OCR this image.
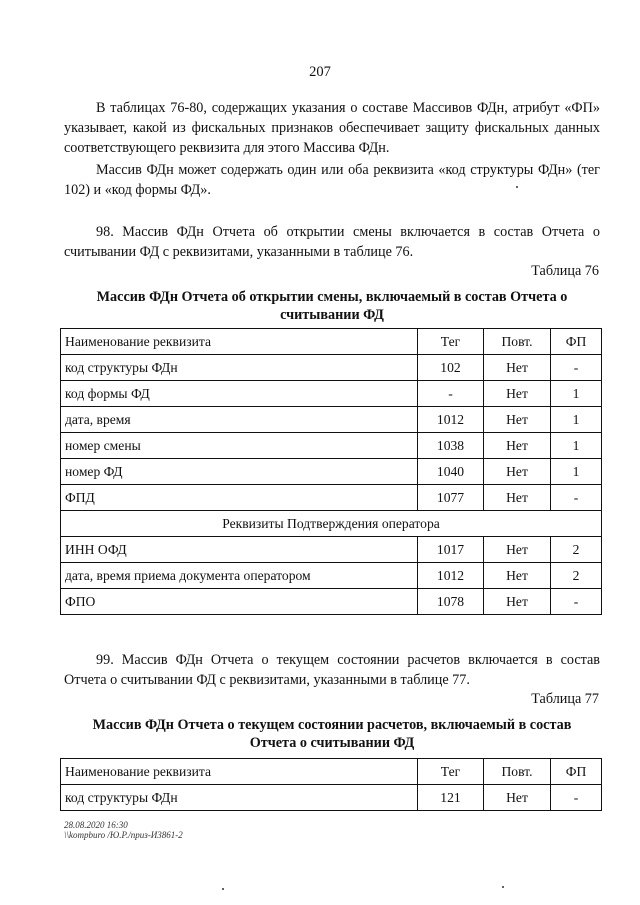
207
В таблицах 76-80, содержащих указания о составе Массивов ФДн, атрибут «ФП» указывает, какой из фискальных признаков обеспечивает защиту фискальных данных соответствующего реквизита для этого Массива ФДн.
Массив ФДн может содержать один или оба реквизита «код структуры ФДн» (тег 102) и «код формы ФД».
98. Массив ФДн Отчета об открытии смены включается в состав Отчета о считывании ФД с реквизитами, указанными в таблице 76.
Таблица 76
Массив ФДн Отчета об открытии смены, включаемый в состав Отчета о
считывании ФД
Наименование реквизита	Тег	Повт.	ФП
код структуры ФДн	102	Нет	-
код формы ФД	-	Нет	1
дата, время	1012	Нет	1
номер смены	1038	Нет	1
номер ФД	1040	Нет	1
ФПД	1077	Нет	-
Реквизиты Подтверждения оператора			
ИНН ОФД	1017	Нет	2
дата, время приема документа оператором	1012	Нет	2
ФПО	1078	Нет	-
99. Массив ФДн Отчета о текущем состоянии расчетов включается в состав Отчета о считывании ФД с реквизитами, указанными в таблице 77.
Таблица 77
Массив ФДн Отчета о текущем состоянии расчетов, включаемый в состав
Отчета о считывании ФД
Наименование реквизита	Тег	Повт.	ФП
код структуры ФДн	121	Нет	-
28.08.2020 16:30
\\kompburo /Ю.Р./приз-И3861-2
